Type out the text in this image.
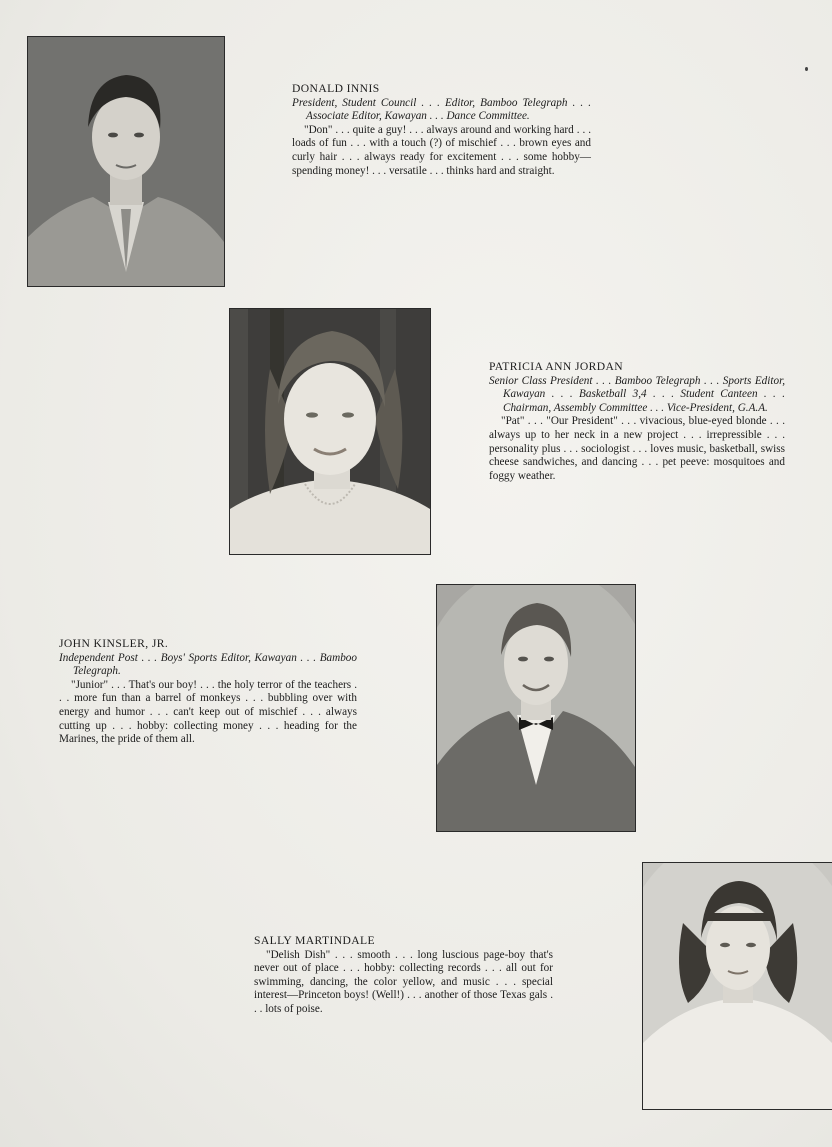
DONALD INNIS
President, Student Council . . . Editor, Bamboo Telegraph . . . Associate Editor, Kawayan . . . Dance Committee.
"Don" . . . quite a guy! . . . always around and working hard . . . loads of fun . . . with a touch (?) of mischief . . . brown eyes and curly hair . . . always ready for excitement . . . some hobby—spending money! . . . versatile . . . thinks hard and straight.
PATRICIA ANN JORDAN
Senior Class President . . . Bamboo Telegraph . . . Sports Editor, Kawayan . . . Basketball 3,4 . . . Student Canteen . . . Chairman, Assembly Committee . . . Vice-President, G.A.A.
"Pat" . . . "Our President" . . . vivacious, blue-eyed blonde . . . always up to her neck in a new project . . . irrepressible . . . personality plus . . . sociologist . . . loves music, basketball, swiss cheese sandwiches, and dancing . . . pet peeve: mosquitoes and foggy weather.
JOHN KINSLER, JR.
Independent Post . . . Boys' Sports Editor, Kawayan . . . Bamboo Telegraph.
"Junior" . . . That's our boy! . . . the holy terror of the teachers . . . more fun than a barrel of monkeys . . . bubbling over with energy and humor . . . can't keep out of mischief . . . always cutting up . . . hobby: collecting money . . . heading for the Marines, the pride of them all.
SALLY MARTINDALE
"Delish Dish" . . . smooth . . . long luscious page-boy that's never out of place . . . hobby: collecting records . . . all out for swimming, dancing, the color yellow, and music . . . special interest—Princeton boys! (Well!) . . . another of those Texas gals . . . lots of poise.
